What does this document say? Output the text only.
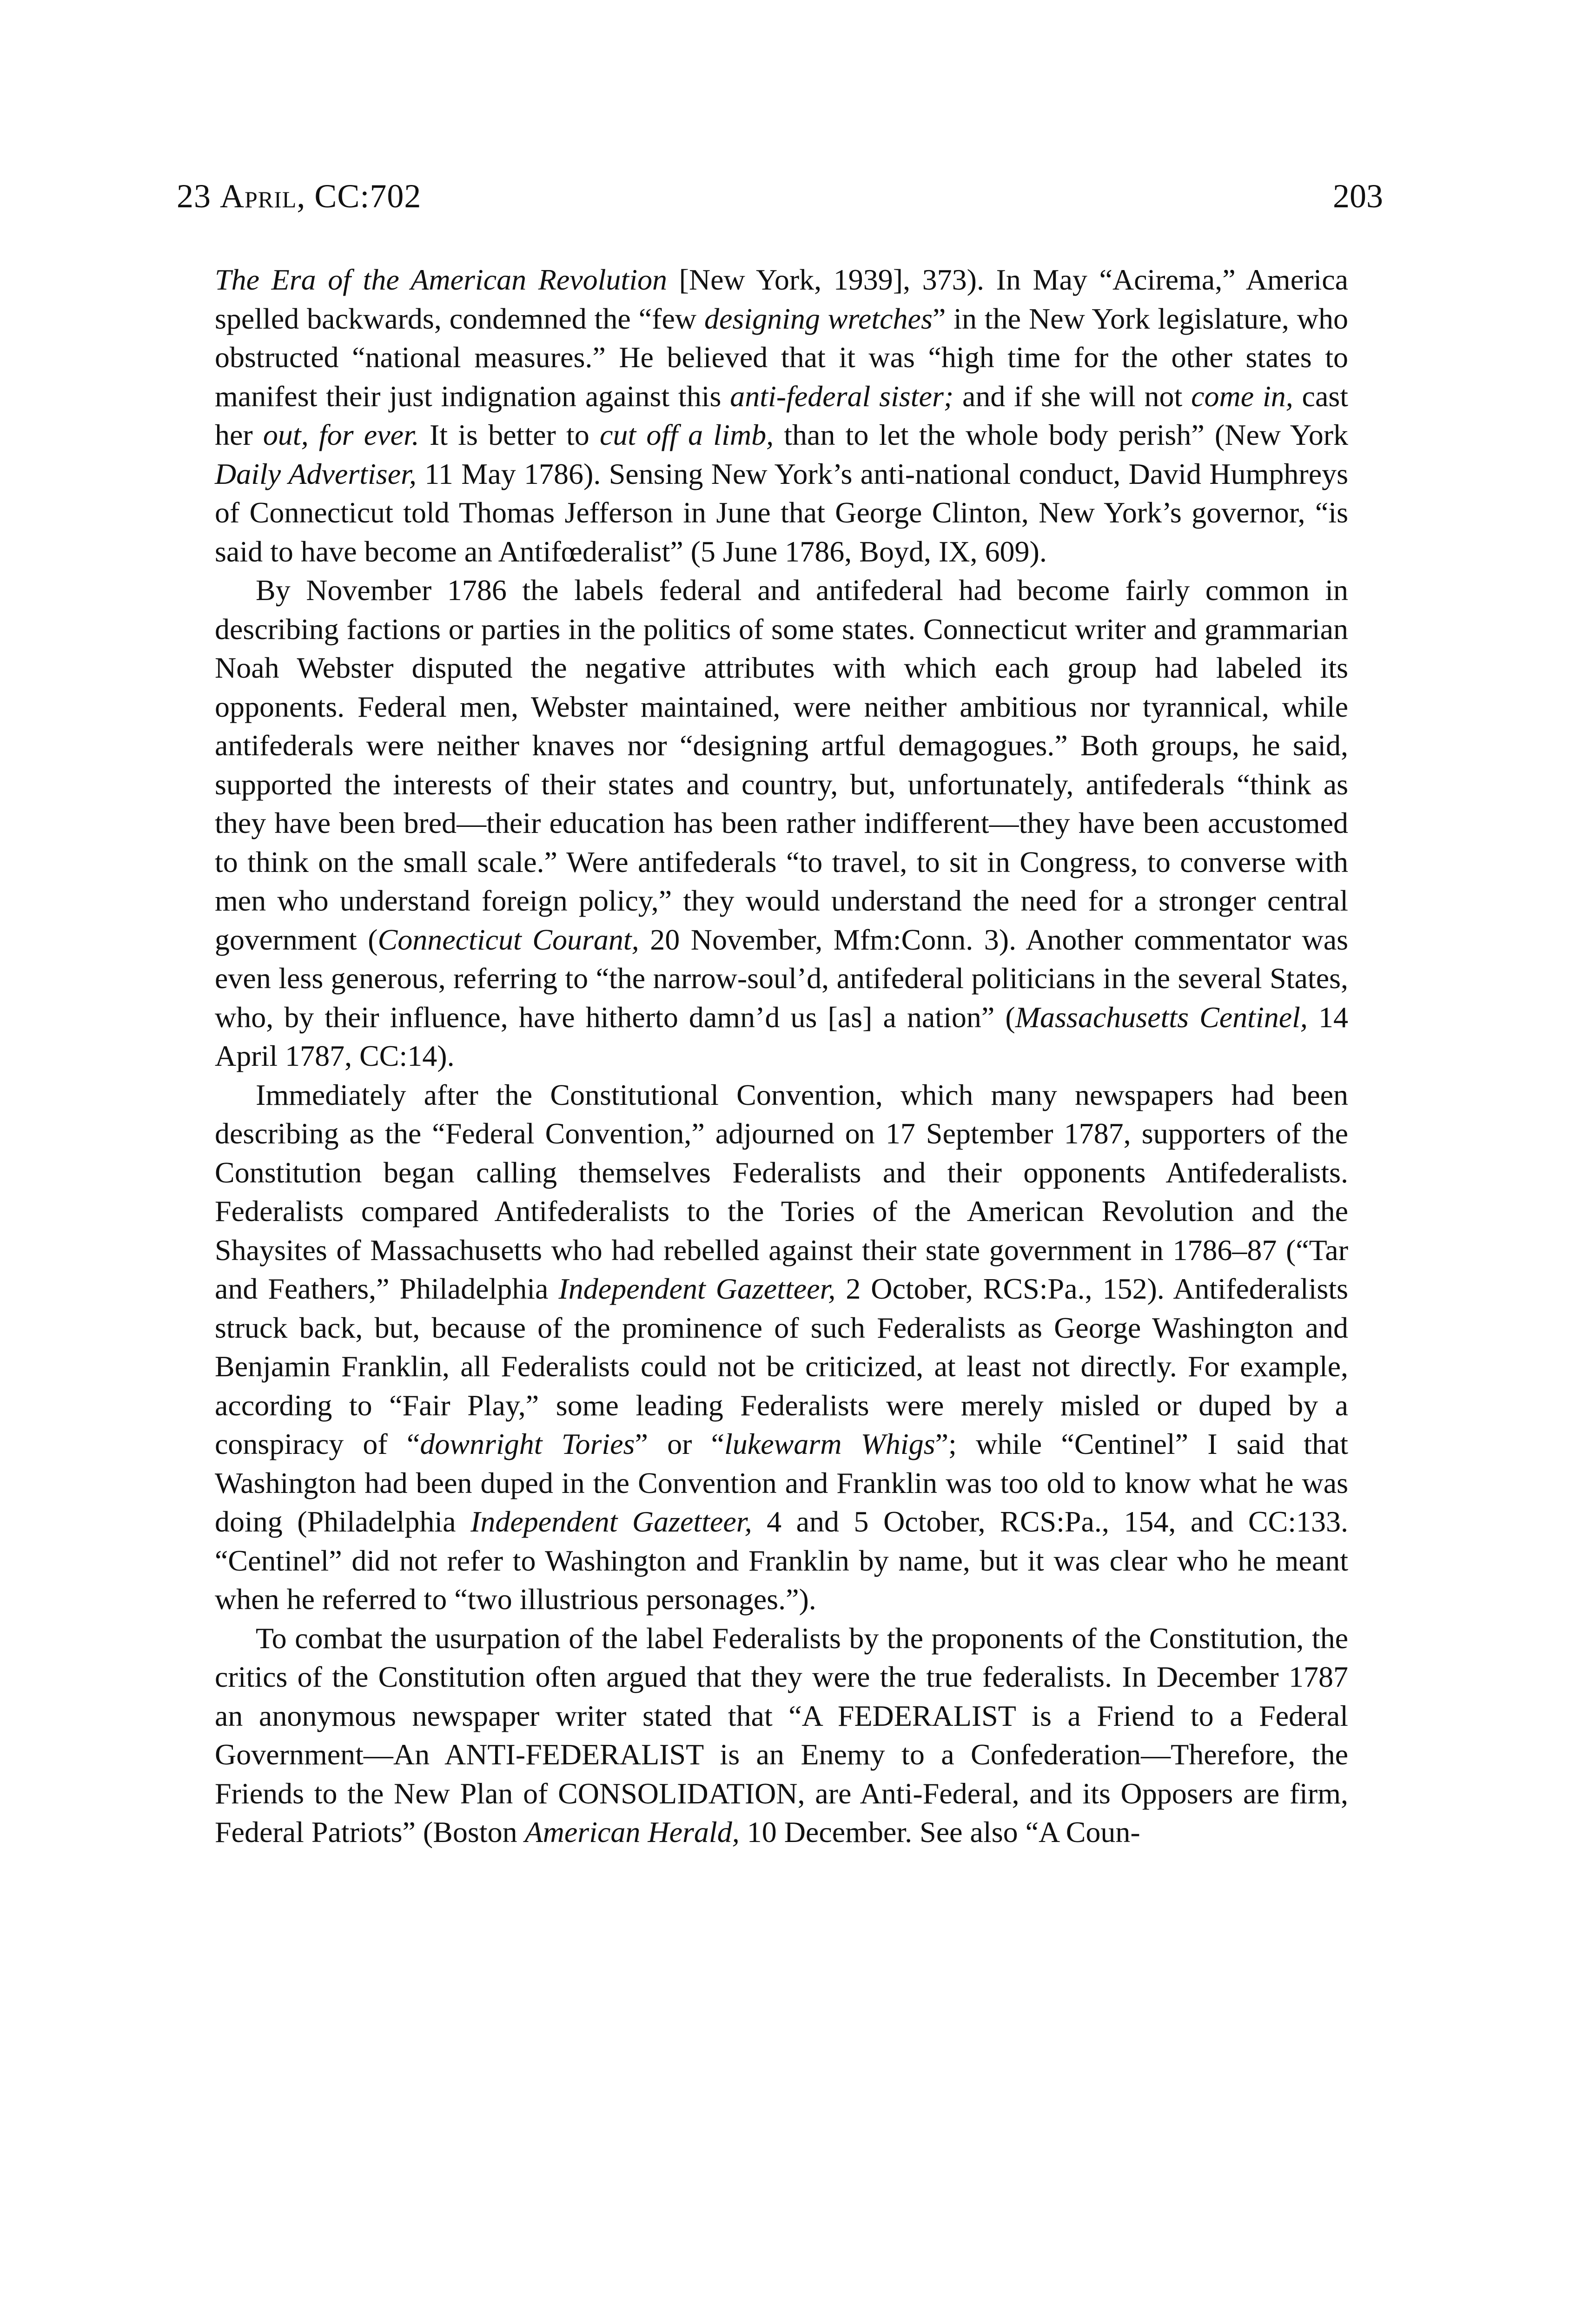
23 April, CC:702	203

The Era of the American Revolution [New York, 1939], 373). In May “Acirema,” America spelled backwards, condemned the “few designing wretches” in the New York legislature, who obstructed “national measures.” He believed that it was “high time for the other states to manifest their just indignation against this anti-federal sister; and if she will not come in, cast her out, for ever. It is better to cut off a limb, than to let the whole body perish” (New York Daily Advertiser, 11 May 1786). Sensing New York’s anti-national conduct, David Humphreys of Connecticut told Thomas Jefferson in June that George Clinton, New York’s governor, “is said to have become an Antifœderalist” (5 June 1786, Boyd, IX, 609).

By November 1786 the labels federal and antifederal had become fairly common in describing factions or parties in the politics of some states. Connecticut writer and grammarian Noah Webster disputed the negative attributes with which each group had labeled its opponents. Federal men, Webster maintained, were neither ambitious nor tyrannical, while antifederals were neither knaves nor “designing artful demagogues.” Both groups, he said, supported the interests of their states and country, but, unfortunately, antifederals “think as they have been bred—their education has been rather indifferent—they have been accustomed to think on the small scale.” Were antifederals “to travel, to sit in Congress, to converse with men who understand foreign policy,” they would understand the need for a stronger central government (Connecticut Courant, 20 November, Mfm:Conn. 3). Another commentator was even less generous, referring to “the narrow-soul’d, antifederal politicians in the several States, who, by their influence, have hitherto damn’d us [as] a nation” (Massachusetts Centinel, 14 April 1787, CC:14).

Immediately after the Constitutional Convention, which many newspapers had been describing as the “Federal Convention,” adjourned on 17 September 1787, supporters of the Constitution began calling themselves Federalists and their opponents Antifederalists. Federalists compared Antifederalists to the Tories of the American Revolution and the Shaysites of Massachusetts who had rebelled against their state government in 1786–87 (“Tar and Feathers,” Philadelphia Independent Gazetteer, 2 October, RCS:Pa., 152). Antifederalists struck back, but, because of the prominence of such Federalists as George Washington and Benjamin Franklin, all Federalists could not be criticized, at least not directly. For example, according to “Fair Play,” some leading Federalists were merely misled or duped by a conspiracy of “downright Tories” or “lukewarm Whigs”; while “Centinel” I said that Washington had been duped in the Convention and Franklin was too old to know what he was doing (Philadelphia Independent Gazetteer, 4 and 5 October, RCS:Pa., 154, and CC:133. “Centinel” did not refer to Washington and Franklin by name, but it was clear who he meant when he referred to “two illustrious personages.”).

To combat the usurpation of the label Federalists by the proponents of the Constitution, the critics of the Constitution often argued that they were the true federalists. In December 1787 an anonymous newspaper writer stated that “A FEDERALIST is a Friend to a Federal Government—An ANTI-FEDERALIST is an Enemy to a Confederation—Therefore, the Friends to the New Plan of CONSOLIDATION, are Anti-Federal, and its Opposers are firm, Federal Patriots” (Boston American Herald, 10 December. See also “A Coun-
